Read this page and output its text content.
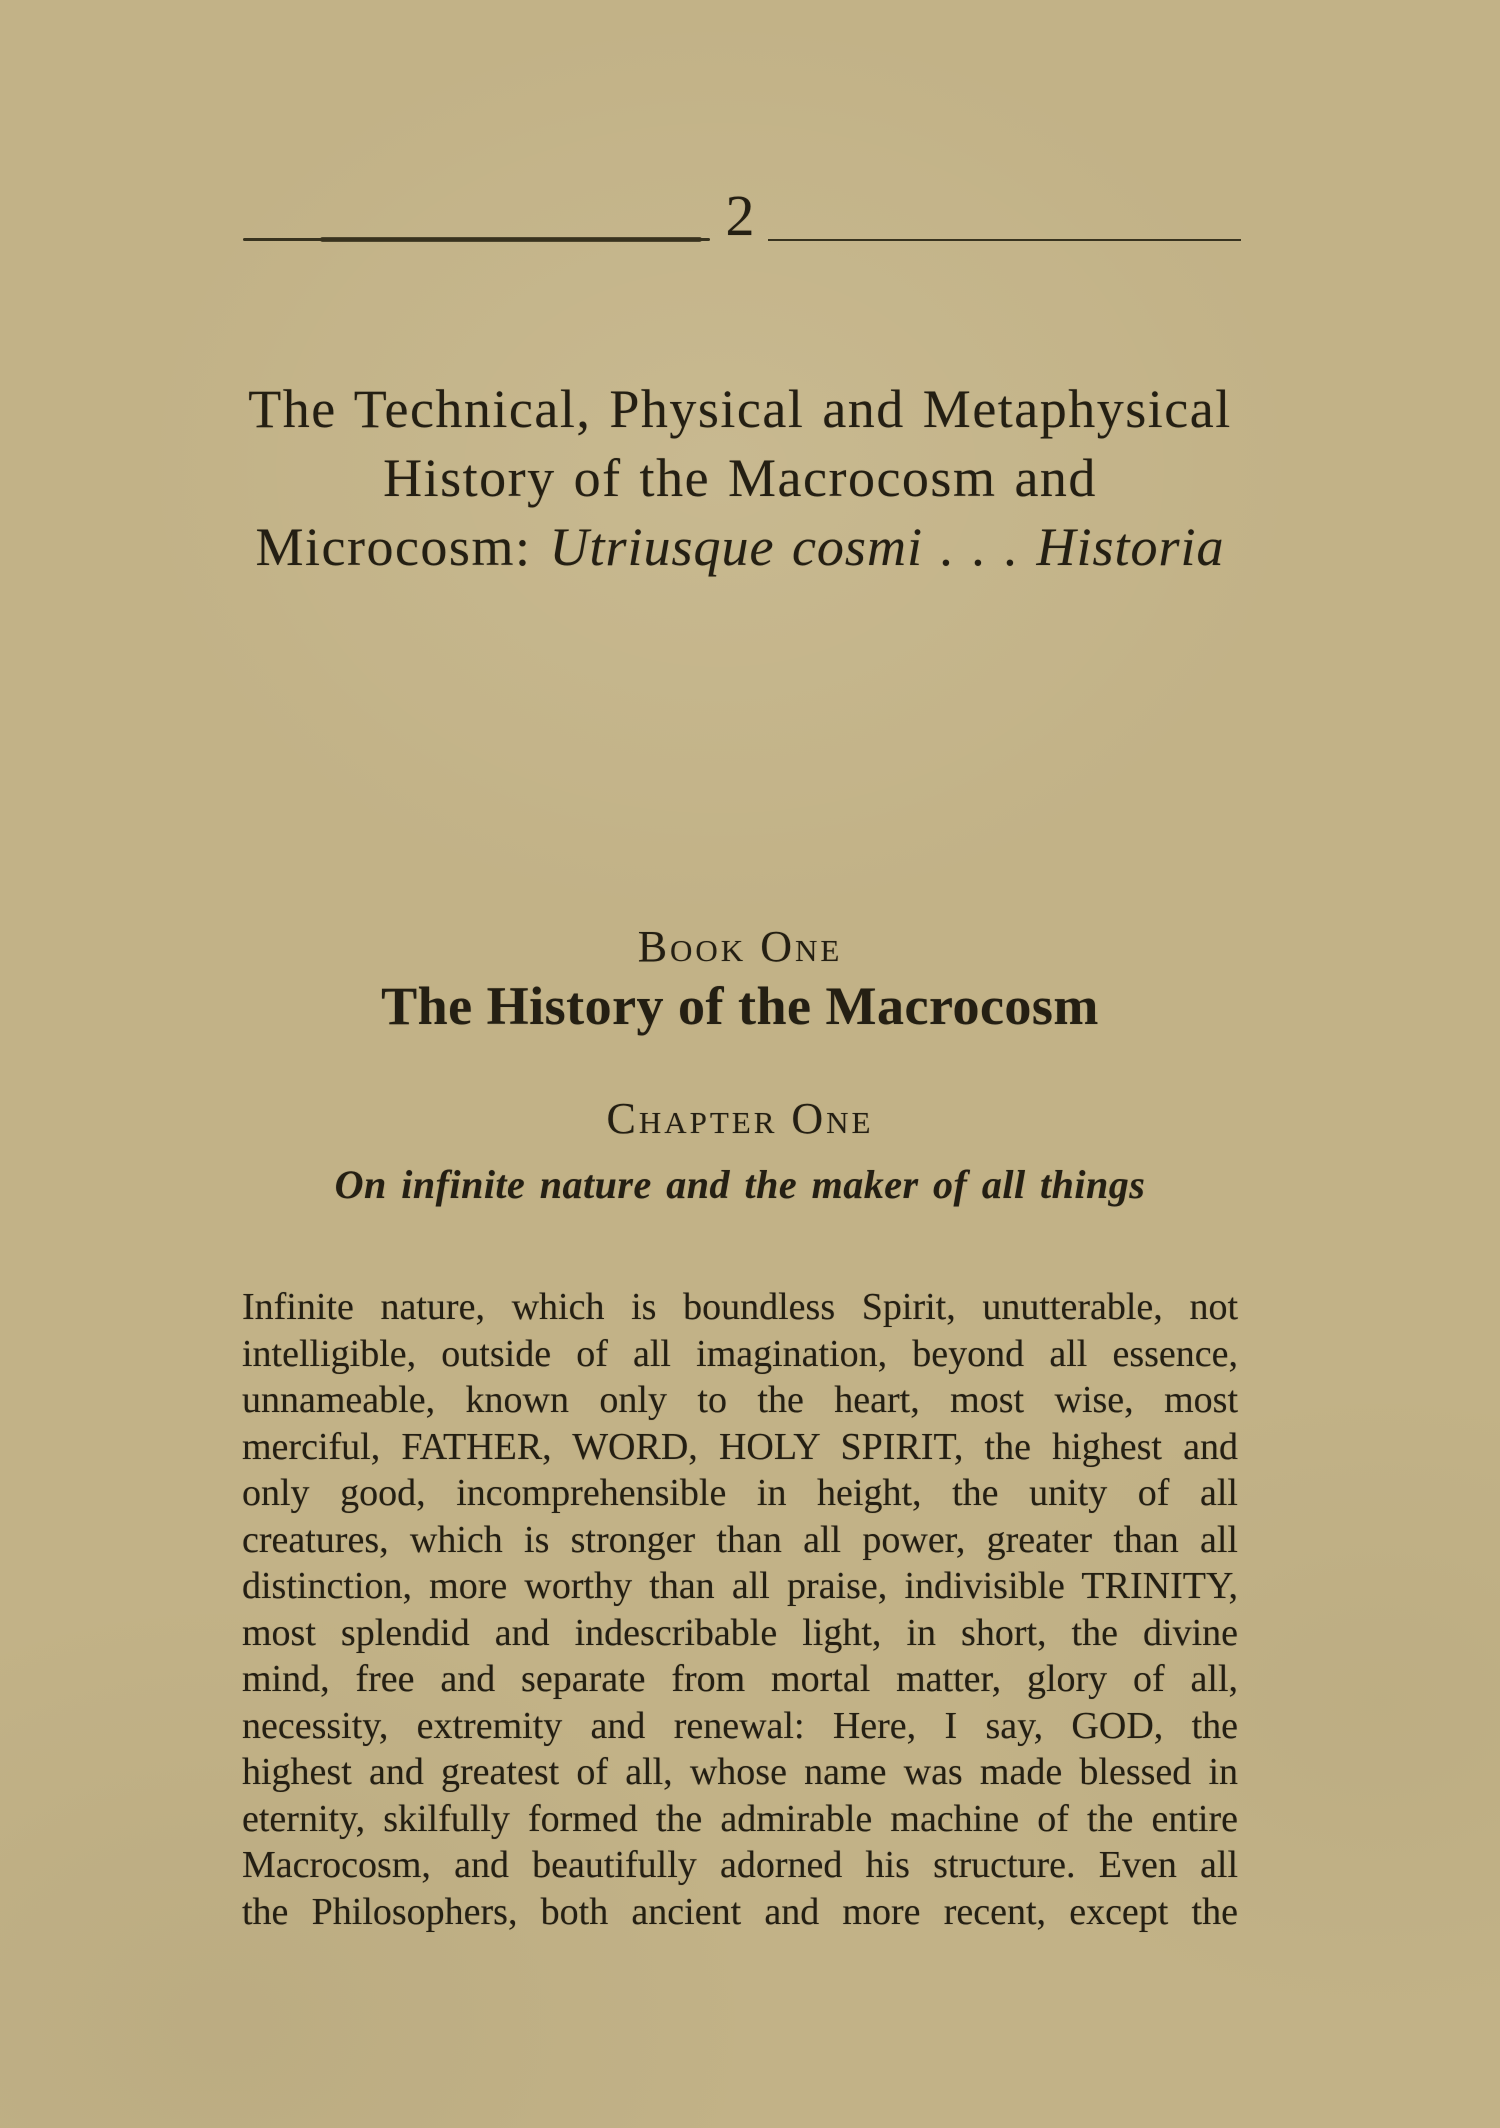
2
The Technical, Physical and Metaphysical
History of the Macrocosm and
Microcosm: Utriusque cosmi . . . Historia
Book One
The History of the Macrocosm
Chapter One
On infinite nature and the maker of all things
Infinite nature, which is boundless Spirit, unutterable, not
intelligible, outside of all imagination, beyond all essence,
unnameable, known only to the heart, most wise, most
merciful, FATHER, WORD, HOLY SPIRIT, the highest and
only good, incomprehensible in height, the unity of all
creatures, which is stronger than all power, greater than all
distinction, more worthy than all praise, indivisible TRINITY,
most splendid and indescribable light, in short, the divine
mind, free and separate from mortal matter, glory of all,
necessity, extremity and renewal: Here, I say, GOD, the
highest and greatest of all, whose name was made blessed in
eternity, skilfully formed the admirable machine of the entire
Macrocosm, and beautifully adorned his structure. Even all
the Philosophers, both ancient and more recent, except the
